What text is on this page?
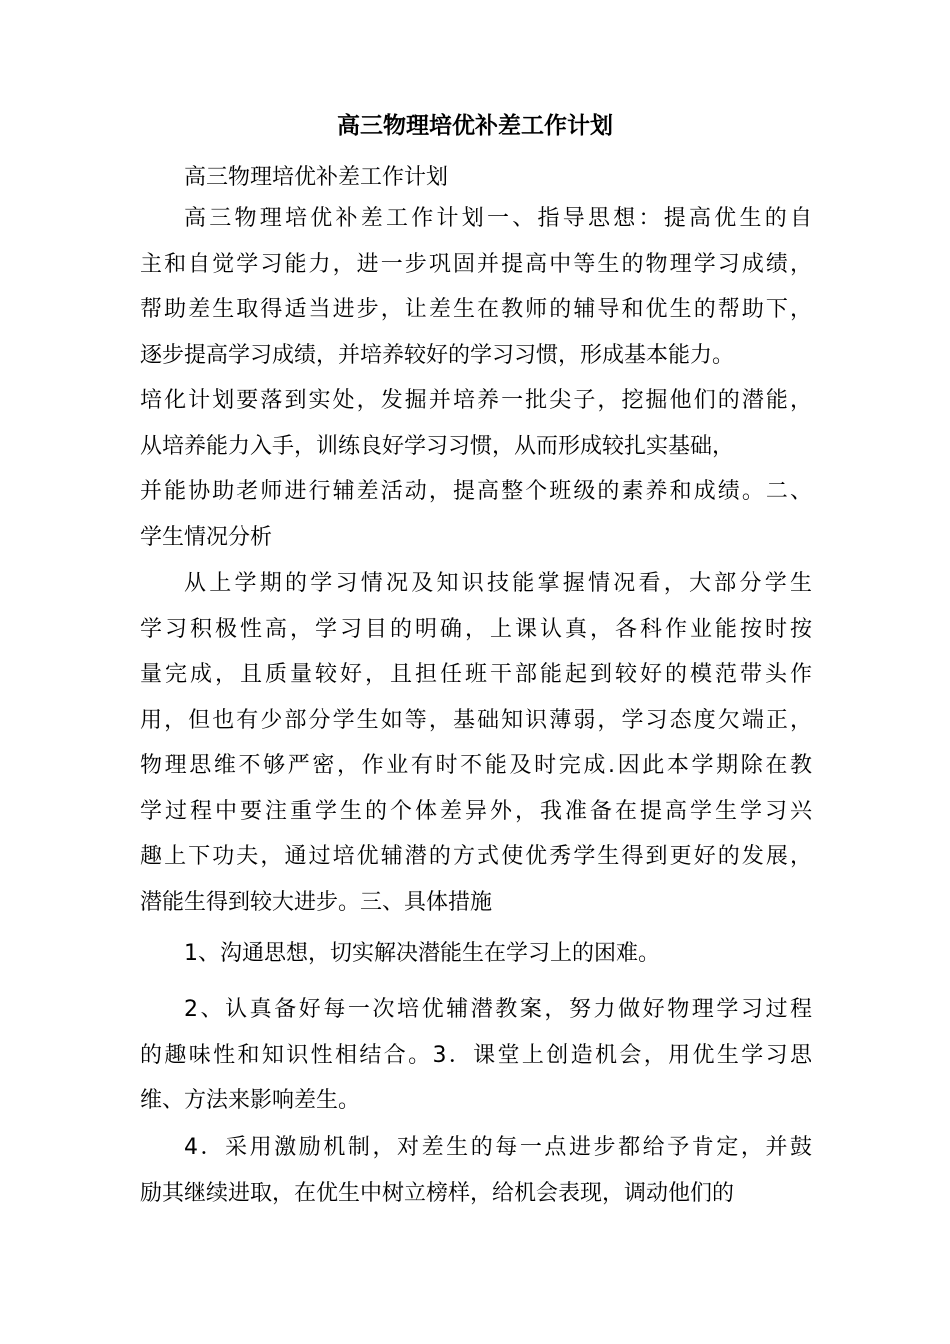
高三物理培优补差工作计划
高三物理培优补差工作计划
高三物理培优补差工作计划一、指导思想：提高优生的自
主和自觉学习能力，进一步巩固并提高中等生的物理学习成绩，
帮助差生取得适当进步，让差生在教师的辅导和优生的帮助下，
逐步提高学习成绩，并培养较好的学习习惯，形成基本能力。
培化计划要落到实处，发掘并培养一批尖子，挖掘他们的潜能，
从培养能力入手，训练良好学习习惯，从而形成较扎实基础，
并能协助老师进行辅差活动，提高整个班级的素养和成绩。二、
学生情况分析
从上学期的学习情况及知识技能掌握情况看，大部分学生
学习积极性高，学习目的明确，上课认真，各科作业能按时按
量完成，且质量较好，且担任班干部能起到较好的模范带头作
用，但也有少部分学生如等，基础知识薄弱，学习态度欠端正，
物理思维不够严密，作业有时不能及时完成.因此本学期除在教
学过程中要注重学生的个体差异外，我准备在提高学生学习兴
趣上下功夫，通过培优辅潜的方式使优秀学生得到更好的发展，
潜能生得到较大进步。三、具体措施
1、沟通思想，切实解决潜能生在学习上的困难。
2、认真备好每一次培优辅潜教案，努力做好物理学习过程
的趣味性和知识性相结合。3．课堂上创造机会，用优生学习思
维、方法来影响差生。
4．采用激励机制，对差生的每一点进步都给予肯定，并鼓
励其继续进取，在优生中树立榜样，给机会表现，调动他们的
